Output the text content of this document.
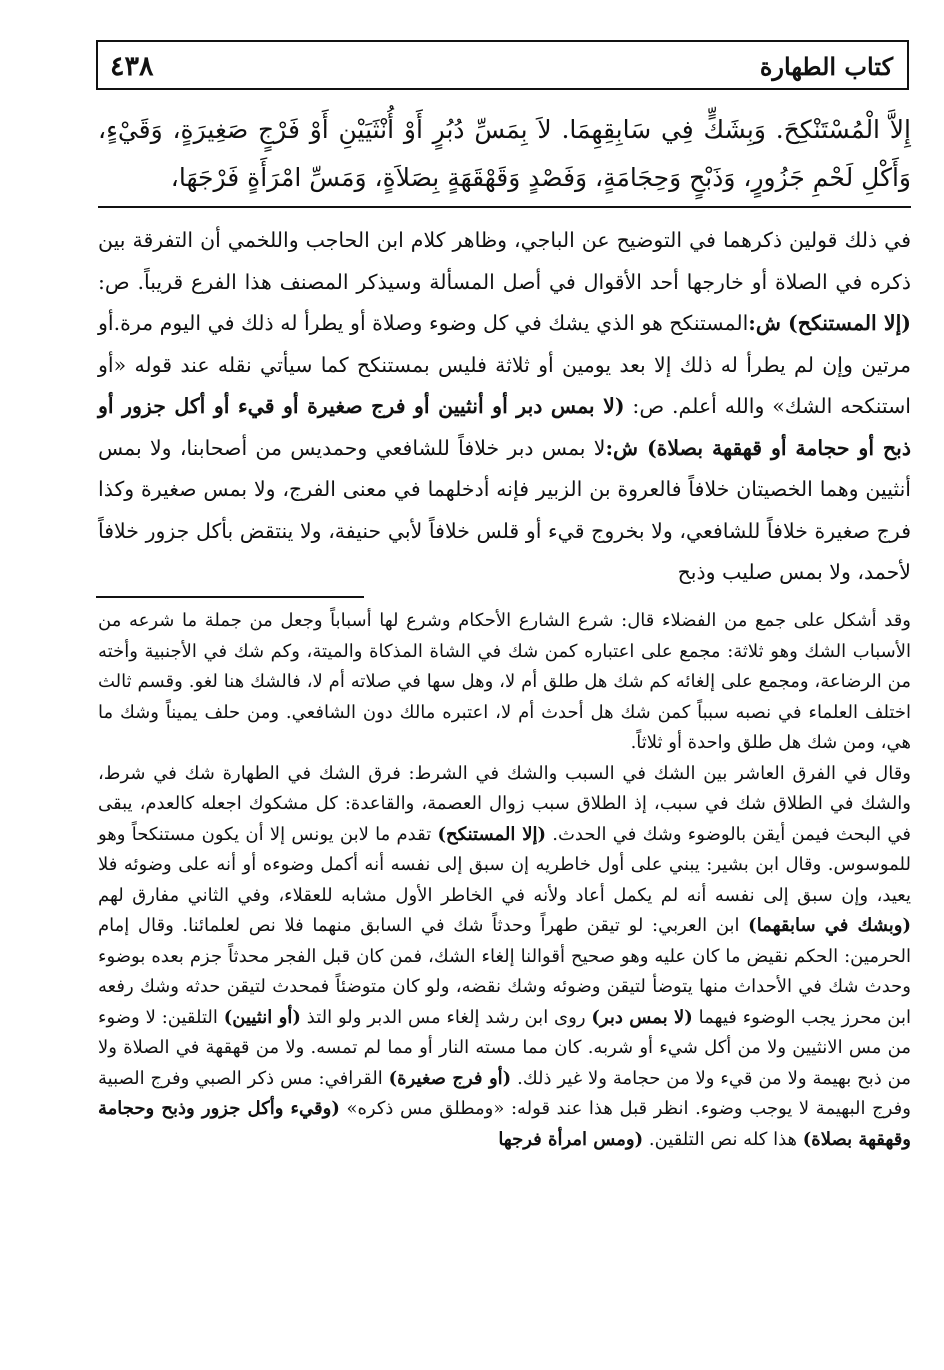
٤٣٨	كتاب الطهارة

إِلاَّ الْمُسْتَنْكِحَ. وَبِشَكٍّ فِي سَابِقِهِمَا. لاَ بِمَسِّ دُبُرٍ أَوْ أُنْثَيَيْنِ أَوْ فَرْجٍ صَغِيرَةٍ، وَقَيْءٍ، وَأَكْلِ لَحْمِ جَزُورٍ، وَذَبْحٍ وَحِجَامَةٍ، وَفَصْدٍ وَقَهْقَهَةٍ بِصَلاَةٍ، وَمَسِّ امْرَأَةٍ فَرْجَهَا،

في ذلك قولين ذكرهما في التوضيح عن الباجي، وظاهر كلام ابن الحاجب واللخمي أن التفرقة بين ذكره في الصلاة أو خارجها أحد الأقوال في أصل المسألة وسيذكر المصنف هذا الفرع قريباً. ص: (إلا المستنكح) ش:المستنكح هو الذي يشك في كل وضوء وصلاة أو يطرأ له ذلك في اليوم مرة.أو مرتين وإن لم يطرأ له ذلك إلا بعد يومين أو ثلاثة فليس بمستنكح كما سيأتي نقله عند قوله «أو استنكحه الشك» والله أعلم. ص: (لا بمس دبر أو أنثيين أو فرج صغيرة أو قيء أو أكل جزور أو ذبح أو حجامة أو قهقهة بصلاة) ش:لا بمس دبر خلافاً للشافعي وحمديس من أصحابنا، ولا بمس أنثيين وهما الخصيتان خلافاً فالعروة بن الزبير فإنه أدخلهما في معنى الفرج، ولا بمس صغيرة وكذا فرج صغيرة خلافاً للشافعي، ولا بخروج قيء أو قلس خلافاً لأبي حنيفة، ولا ينتقض بأكل جزور خلافاً لأحمد، ولا بمس صليب وذبح

وقد أشكل على جمع من الفضلاء قال: شرع الشارع الأحكام وشرع لها أسباباً وجعل من جملة ما شرعه من الأسباب الشك وهو ثلاثة: مجمع على اعتباره كمن شك في الشاة المذكاة والميتة، وكم شك في الأجنبية وأخته من الرضاعة، ومجمع على إلغائه كم شك هل طلق أم لا، وهل سها في صلاته أم لا، فالشك هنا لغو. وقسم ثالث اختلف العلماء في نصبه سبباً كمن شك هل أحدث أم لا، اعتبره مالك دون الشافعي. ومن حلف يميناً وشك ما هي، ومن شك هل طلق واحدة أو ثلاثاً.

وقال في الفرق العاشر بين الشك في السبب والشك في الشرط: فرق الشك في الطهارة شك في شرط، والشك في الطلاق شك في سبب، إذ الطلاق سبب زوال العصمة، والقاعدة: كل مشكوك اجعله كالعدم، يبقى في البحث فيمن أيقن بالوضوء وشك في الحدث. (إلا المستنكح) تقدم ما لابن يونس إلا أن يكون مستنكحاً وهو للموسوس. وقال ابن بشير: يبني على أول خاطريه إن سبق إلى نفسه أنه أكمل وضوءه أو أنه على وضوئه فلا يعيد، وإن سبق إلى نفسه أنه لم يكمل أعاد ولأنه في الخاطر الأول مشابه للعقلاء، وفي الثاني مفارق لهم (وبشك في سابقهما) ابن العربي: لو تيقن طهراً وحدثاً شك في السابق منهما فلا نص لعلمائنا. وقال إمام الحرمين: الحكم نقيض ما كان عليه وهو صحيح أقوالنا إلغاء الشك، فمن كان قبل الفجر محدثاً جزم بعده بوضوء وحدث شك في الأحداث منها يتوضأ لتيقن وضوئه وشك نقضه، ولو كان متوضئاً فمحدث لتيقن حدثه وشك رفعه ابن محرز يجب الوضوء فيهما (لا بمس دبر) روى ابن رشد إلغاء مس الدبر ولو التذ (أو انثيين) التلقين: لا وضوء من مس الانثيين ولا من أكل شيء أو شربه. كان مما مسته النار أو مما لم تمسه. ولا من قهقهة في الصلاة ولا من ذبح بهيمة ولا من قيء ولا من حجامة ولا غير ذلك. (أو فرج صغيرة) القرافي: مس ذكر الصبي وفرج الصبية وفرج البهيمة لا يوجب وضوء. انظر قبل هذا عند قوله: «ومطلق مس ذكره» (وقيء وأكل جزور وذبح وحجامة وقهقهة بصلاة) هذا كله نص التلقين. (ومس امرأة فرجها
